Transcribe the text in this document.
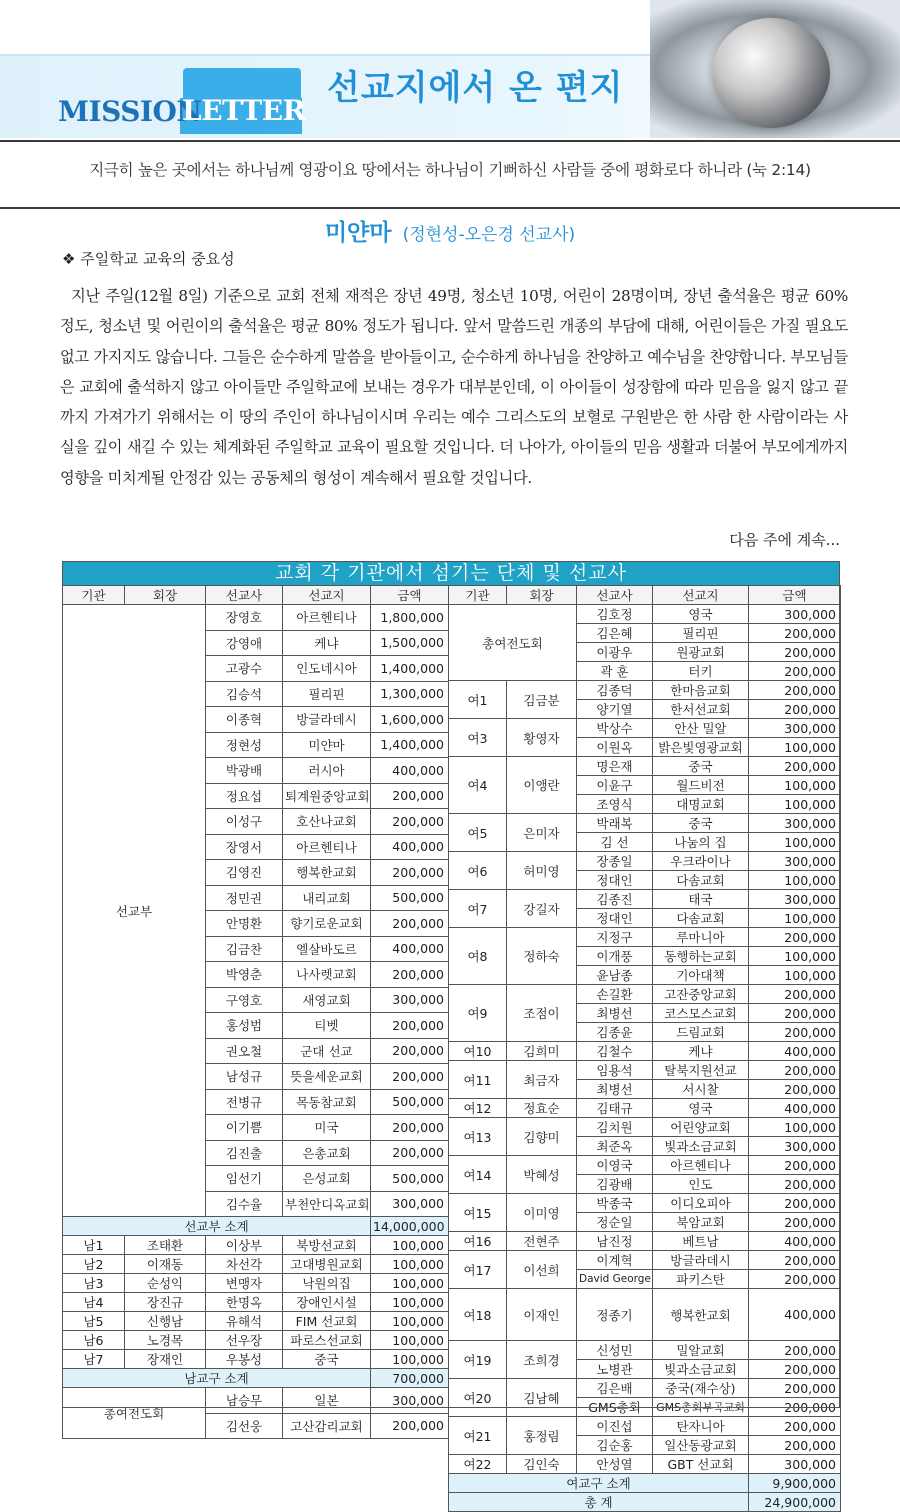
MISSION
LETTER
선교지에서 온 편지
지극히 높은 곳에서는 하나님께 영광이요 땅에서는 하나님이 기뻐하신 사람들 중에 평화로다 하니라 (눅 2:14)
미얀마 (정현성-오은경 선교사)
❖ 주일학교 교육의 중요성
지난 주일(12월 8일) 기준으로 교회 전체 재적은 장년 49명, 청소년 10명, 어린이 28명이며, 장년 출석율은 평균 60% 정도, 청소년 및 어린이의 출석율은 평균 80% 정도가 됩니다. 앞서 말씀드린 개종의 부담에 대해, 어린이들은 가질 필요도 없고 가지지도 않습니다. 그들은 순수하게 말씀을 받아들이고, 순수하게 하나님을 찬양하고 예수님을 찬양합니다. 부모님들은 교회에 출석하지 않고 아이들만 주일학교에 보내는 경우가 대부분인데, 이 아이들이 성장함에 따라 믿음을 잃지 않고 끝까지 가져가기 위해서는 이 땅의 주인이 하나님이시며 우리는 예수 그리스도의 보혈로 구원받은 한 사람 한 사람이라는 사실을 깊이 새길 수 있는 체계화된 주일학교 교육이 필요할 것입니다. 더 나아가, 아이들의 믿음 생활과 더불어 부모에게까지 영향을 미치게될 안정감 있는 공동체의 형성이 계속해서 필요할 것입니다.
다음 주에 계속...
교회 각 기관에서 섬기는 단체 및 선교사
기관	회장	선교사	선교지	금액
선교부		장영호	아르헨티나	1,800,000
		강영애	케냐	1,500,000
		고광수	인도네시아	1,400,000
		김승석	필리핀	1,300,000
		이종혁	방글라데시	1,600,000
		정현성	미얀마	1,400,000
		박광배	러시아	400,000
		정요섭	퇴계원중앙교회	200,000
		이성구	호산나교회	200,000
		장영서	아르헨티나	400,000
		김영진	행복한교회	200,000
		정민권	내리교회	500,000
		안명환	향기로운교회	200,000
		김금찬	엘살바도르	400,000
		박영춘	나사렛교회	200,000
		구영호	새영교회	300,000
		홍성범	티벳	200,000
		권오철	군대 선교	200,000
		남성규	뜻을세운교회	200,000
		전병규	목동참교회	500,000
		이기쁨	미국	200,000
		김진출	은총교회	200,000
		임선기	은성교회	500,000
		김수율	부천안디옥교회	300,000
선교부 소계				14,000,000
남1	조태환	이상부	북방선교회	100,000
남2	이재동	차선각	고대병원교회	100,000
남3	순성익	변맹자	낙원의집	100,000
남4	장진규	한명옥	장애인시설	100,000
남5	신행남	유해석	FIM 선교회	100,000
남6	노경목	선우장	파로스선교회	100,000
남7	장재인	우봉성	중국	100,000
남교구 소계				700,000
총여전도회		남승무	일본	300,000
		김선웅	고산감리교회	200,000
기관	회장	선교사	선교지	금액
총여전도회		김호정	영국	300,000
		김은혜	필리핀	200,000
		이광우	원광교회	200,000
		곽 훈	터키	200,000
여1	김금분	김종덕	한마음교회	200,000
		양기열	한서선교회	200,000
여3	황영자	박상수	안산 밀알	300,000
		이원옥	밝은빛영광교회	100,000
여4	이앵란	명은재	중국	200,000
		이윤구	월드비전	100,000
		조영식	대명교회	100,000
여5	은미자	박래복	중국	300,000
		김 선	나눔의 집	100,000
여6	허미영	장종일	우크라이나	300,000
		정대인	다솜교회	100,000
여7	강길자	김종진	태국	300,000
		정대인	다솜교회	100,000
여8	정하숙	지정구	루마니아	200,000
		이개풍	동행하는교회	100,000
		윤남종	기아대책	100,000
여9	조점이	손길환	고잔중앙교회	200,000
		최병선	코스모스교회	200,000
		김종윤	드림교회	200,000
여10	김희미	김철수	케냐	400,000
여11	최금자	임용석	탈북지원선교	200,000
		최병선	서시찰	200,000
여12	정효순	김태규	영국	400,000
여13	김향미	김치원	어린양교회	100,000
		최준옥	빛과소금교회	300,000
여14	박혜성	이영국	아르헨티나	200,000
		김광배	인도	200,000
여15	이미영	박종국	이디오피아	200,000
		정순일	북암교회	200,000
여16	전현주	남진정	베트남	400,000
여17	이선희	이계혁	방글라데시	200,000
		David George	파키스탄	200,000
여18	이재인	정종기	행복한교회	400,000
여19	조희경	신성민	밀알교회	200,000
		노병관	빛과소금교회	200,000
여20	김남혜	김은배	중국(재수상)	200,000
		GMS총회	GMS총회부곡교회	200,000
여21	홍정림	이진섭	탄자니아	200,000
		김순홍	일산동광교회	200,000
여22	김인숙	안성열	GBT 선교회	300,000
여교구 소계				9,900,000
총 계				24,900,000
